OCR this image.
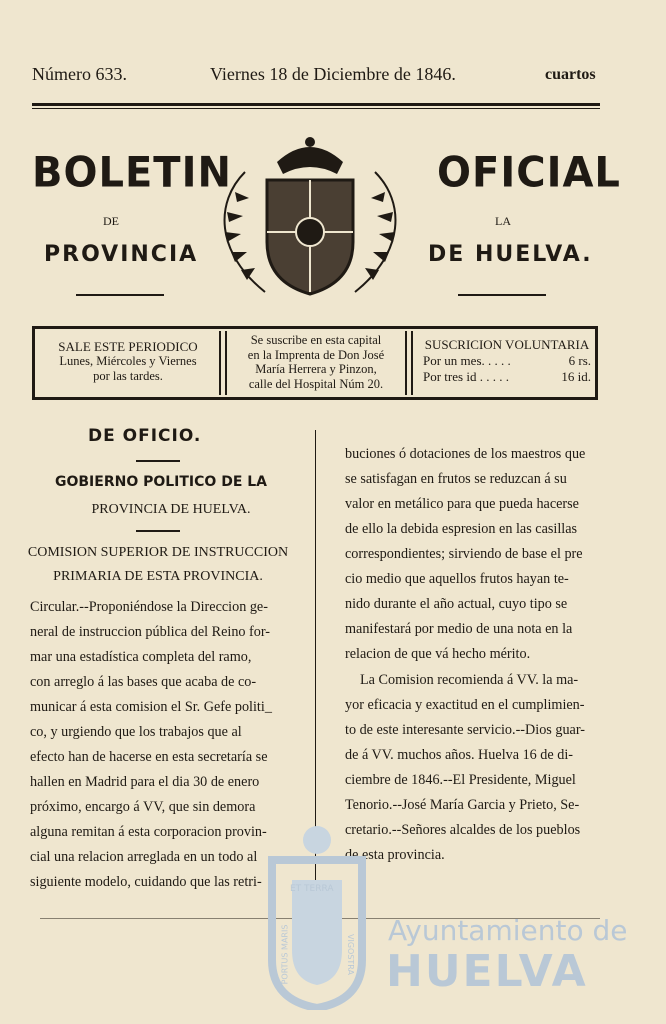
Número 633.	Viernes 18 de Diciembre de 1846.	cuartos
BOLETIN	OFICIAL
DE	LA
PROVINCIA	DE HUELVA.
SALE ESTE PERIODICO
Lunes, Miércoles y Viernes
por las tardes.
Se suscribe en esta capital
en la Imprenta de Don José
María Herrera y Pinzon,
calle del Hospital Núm 20.
SUSCRICION VOLUNTARIA
Por un mes. . . . .	6 rs.
Por tres id . . . . .	16 id.
DE OFICIO.
GOBIERNO POLITICO DE LA
PROVINCIA DE HUELVA.
COMISION SUPERIOR DE INSTRUCCION
PRIMARIA DE ESTA PROVINCIA.
Circular.--Proponiéndose la Direccion ge-
neral de instruccion pública del Reino for-
mar una estadística completa del ramo,
con arreglo á las bases que acaba de co-
municar á esta comision el Sr. Gefe politi_
co, y urgiendo que los trabajos que al
efecto han de hacerse en esta secretaría se
hallen en Madrid para el dia 30 de enero
próximo, encargo á VV, que sin demora
alguna remitan á esta corporacion provin-
cial una relacion arreglada en un todo al
siguiente modelo, cuidando que las retri-
buciones ó dotaciones de los maestros que
se satisfagan en frutos se reduzcan á su
valor en metálico para que pueda hacerse
de ello la debida espresion en las casillas
correspondientes; sirviendo de base el pre
cio medio que aquellos frutos hayan te-
nido durante el año actual, cuyo tipo se
manifestará por medio de una nota en la
relacion de que vá hecho mérito.
La Comision recomienda á VV. la ma-
yor eficacia y exactitud en el cumplimien-
to de este interesante servicio.--Dios guar-
de á VV. muchos años. Huelva 16 de di-
ciembre de 1846.--El Presidente, Miguel
Tenorio.--José María Garcia y Prieto, Se-
cretario.--Señores alcaldes de los pueblos
de esta provincia.
ET TERRA
PORTUS MARIS	VIGOSTRA
Ayuntamiento de
HUELVA
